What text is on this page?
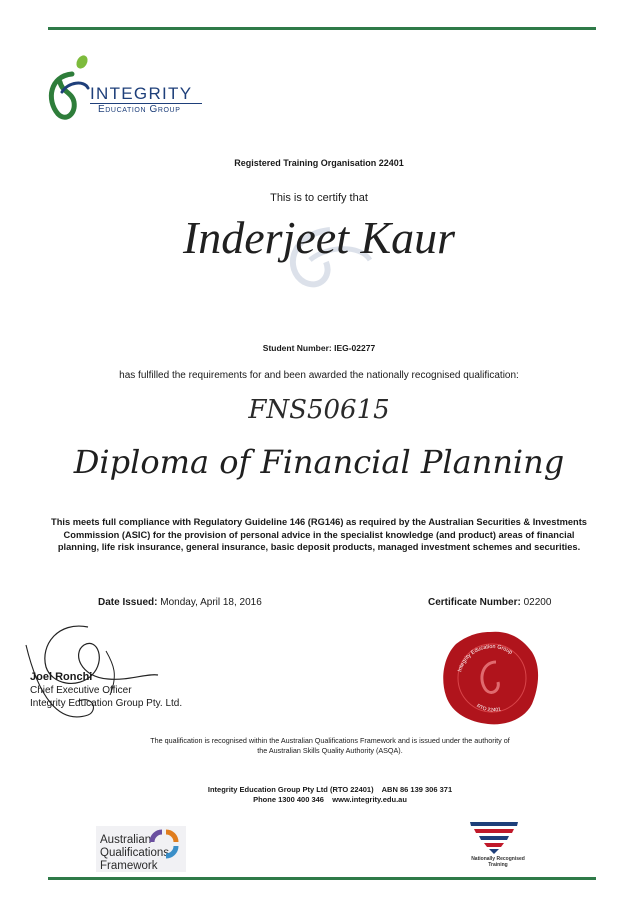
INTEGRITY
Education Group
Registered Training Organisation 22401
This is to certify that
Inderjeet Kaur
Student Number: IEG-02277
has fulfilled the requirements for and been awarded the nationally recognised qualification:
FNS50615
Diploma of Financial Planning
This meets full compliance with Regulatory Guideline 146 (RG146) as required by the Australian Securities & Investments
Commission (ASIC) for the provision of personal advice in the specialist knowledge (and product) areas of financial
planning, life risk insurance, general insurance, basic deposit products, managed investment schemes and securities.
Date Issued: Monday, April 18, 2016	Certificate Number: 02200
Joel Ronchi
Chief Executive Officer
Integrity Education Group Pty. Ltd.
Integrity Education Group
RTO 22401
The qualification is recognised within the Australian Qualifications Framework and is issued under the authority of
the Australian Skills Quality Authority (ASQA).
Integrity Education Group Pty Ltd (RTO 22401)    ABN 86 139 306 371
Phone 1300 400 346    www.integrity.edu.au
Australian
Qualifications
Framework
Nationally Recognised
Training
